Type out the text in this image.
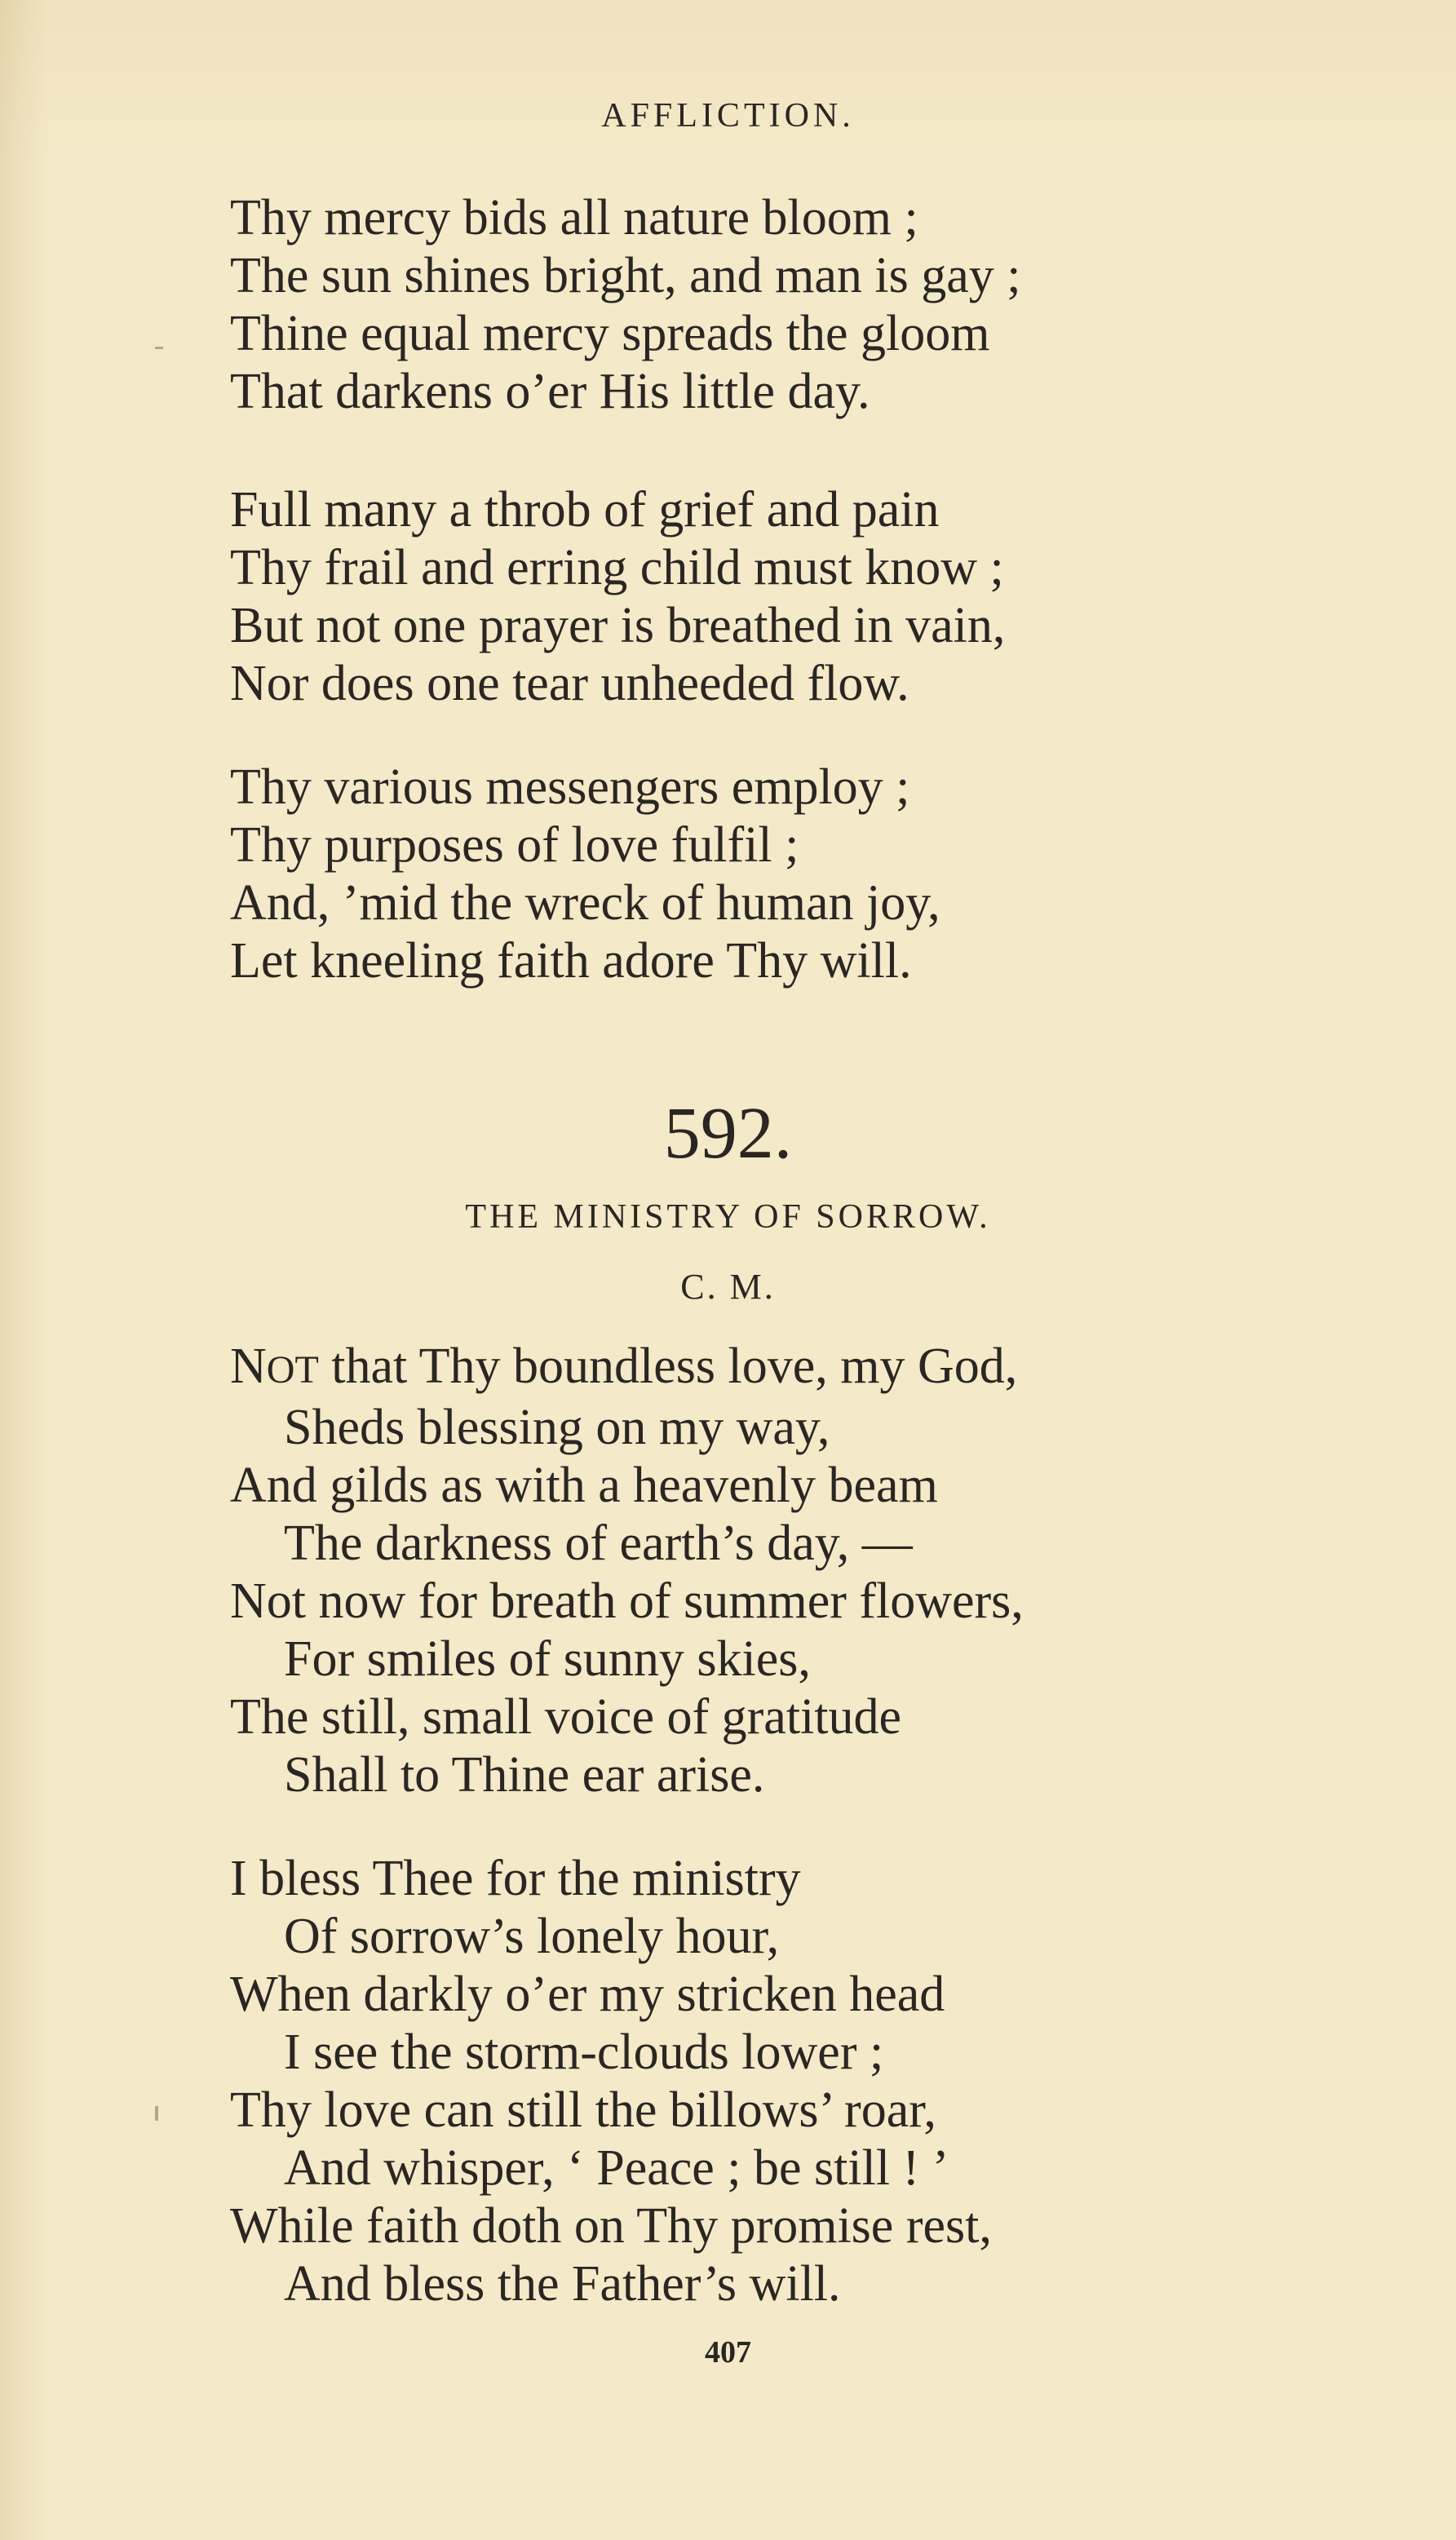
AFFLICTION.
Thy mercy bids all nature bloom ;
The sun shines bright, and man is gay ;
Thine equal mercy spreads the gloom
That darkens o’er His little day.
Full many a throb of grief and pain
Thy frail and erring child must know ;
But not one prayer is breathed in vain,
Nor does one tear unheeded flow.
Thy various messengers employ ;
Thy purposes of love fulfil ;
And, ’mid the wreck of human joy,
Let kneeling faith adore Thy will.
592.
THE MINISTRY OF SORROW.
C. M.
NOT that Thy boundless love, my God,
Sheds blessing on my way,
And gilds as with a heavenly beam
The darkness of earth’s day, —
Not now for breath of summer flowers,
For smiles of sunny skies,
The still, small voice of gratitude
Shall to Thine ear arise.
I bless Thee for the ministry
Of sorrow’s lonely hour,
When darkly o’er my stricken head
I see the storm-clouds lower ;
Thy love can still the billows’ roar,
And whisper, ‘ Peace ; be still ! ’
While faith doth on Thy promise rest,
And bless the Father’s will.
407
